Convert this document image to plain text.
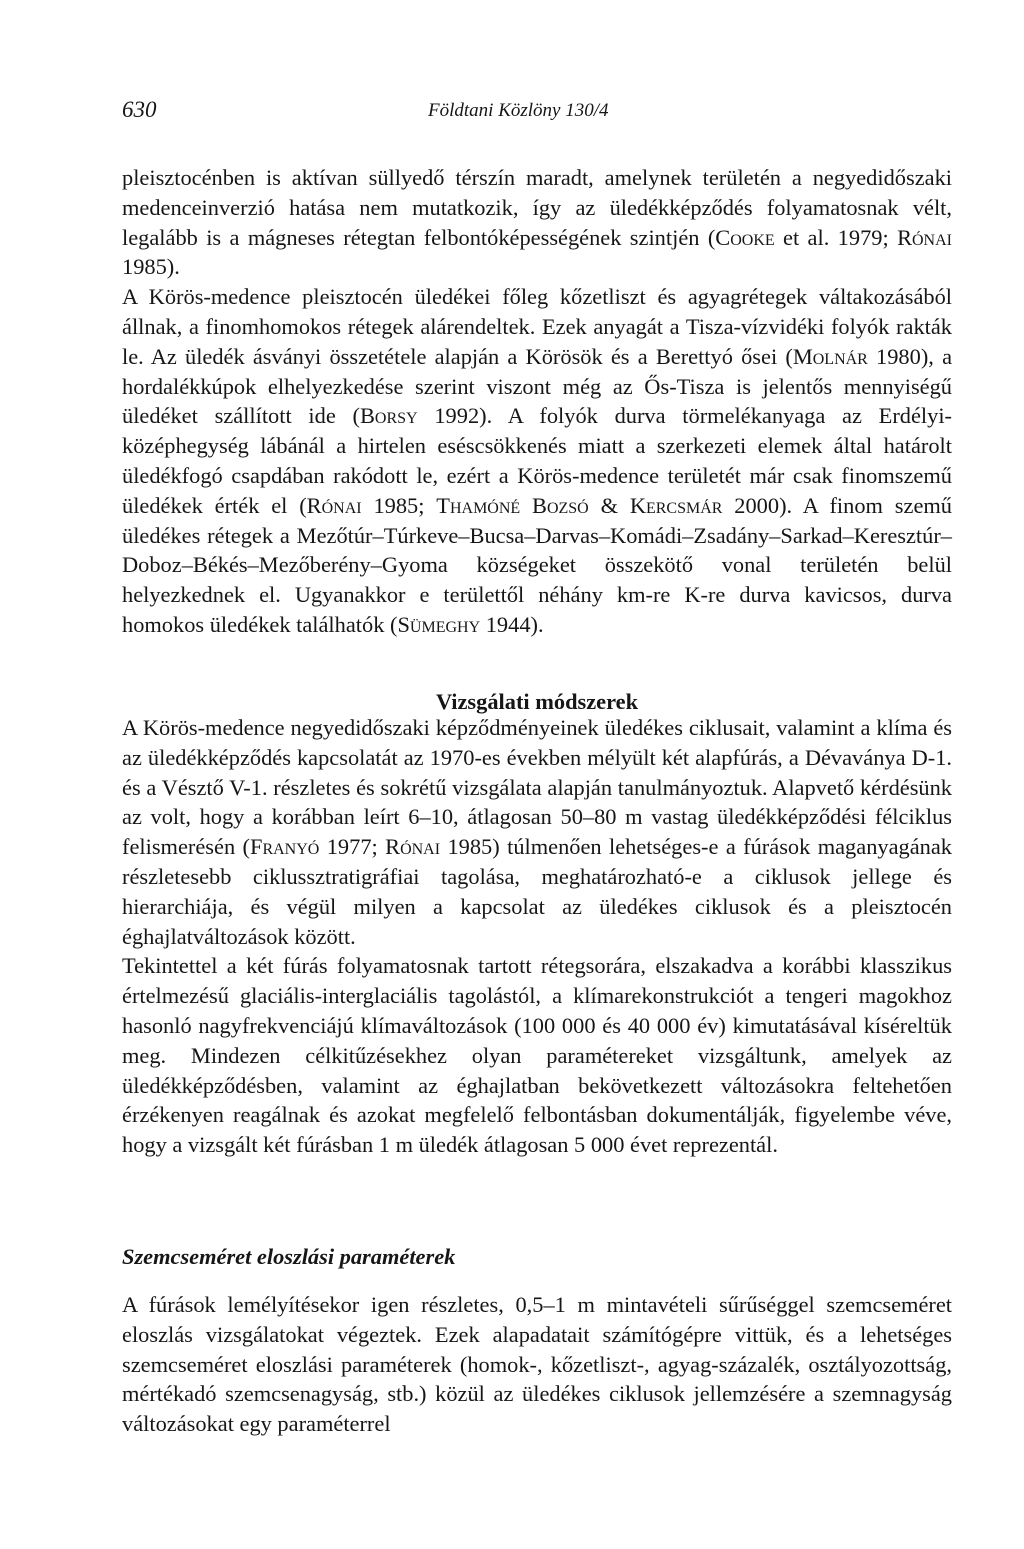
630	Földtani Közlöny 130/4

pleisztocénben is aktívan süllyedő térszín maradt, amelynek területén a negyedidőszaki medenceinverzió hatása nem mutatkozik, így az üledékképződés folyamatosnak vélt, legalább is a mágneses rétegtan felbontóképességének szintjén (Cooke et al. 1979; Rónai 1985).

A Körös-medence pleisztocén üledékei főleg kőzetliszt és agyagrétegek váltakozásából állnak, a finomhomokos rétegek alárendeltek. Ezek anyagát a Tisza-vízvidéki folyók rakták le. Az üledék ásványi összetétele alapján a Körösök és a Berettyó ősei (Molnár 1980), a hordalékkúpok elhelyezkedése szerint viszont még az Ős-Tisza is jelentős mennyiségű üledéket szállított ide (Borsy 1992). A folyók durva törmelékanyaga az Erdélyi-középhegység lábánál a hirtelen eséscsökkenés miatt a szerkezeti elemek által határolt üledékfogó csapdában rakódott le, ezért a Körös-medence területét már csak finomszemű üledékek érték el (Rónai 1985; Thamóné Bozsó & Kercsmár 2000). A finom szemű üledékes rétegek a Mezőtúr–Túrkeve–Bucsa–Darvas–Komádi–Zsadány–Sarkad–Keresztúr–Doboz–Békés–Mezőberény–Gyoma községeket összekötő vonal területén belül helyezkednek el. Ugyanakkor e területtől néhány km-re K-re durva kavicsos, durva homokos üledékek találhatók (Sümeghy 1944).

Vizsgálati módszerek

A Körös-medence negyedidőszaki képződményeinek üledékes ciklusait, valamint a klíma és az üledékképződés kapcsolatát az 1970-es években mélyült két alapfúrás, a Dévaványa D-1. és a Vésztő V-1. részletes és sokrétű vizsgálata alapján tanulmányoztuk. Alapvető kérdésünk az volt, hogy a korábban leírt 6–10, átlagosan 50–80 m vastag üledékképződési félciklus felismerésén (Franyó 1977; Rónai 1985) túlmenően lehetséges-e a fúrások maganyagának részletesebb ciklussztratigráfiai tagolása, meghatározható-e a ciklusok jellege és hierarchiája, és végül milyen a kapcsolat az üledékes ciklusok és a pleisztocén éghajlatváltozások között.

Tekintettel a két fúrás folyamatosnak tartott rétegsorára, elszakadva a korábbi klasszikus értelmezésű glaciális-interglaciális tagolástól, a klímarekonstrukciót a tengeri magokhoz hasonló nagyfrekvenciájú klímaváltozások (100 000 és 40 000 év) kimutatásával kíséreltük meg. Mindezen célkitűzésekhez olyan paramétereket vizsgáltunk, amelyek az üledékképződésben, valamint az éghajlatban bekövetkezett változásokra feltehetően érzékenyen reagálnak és azokat megfelelő felbontásban dokumentálják, figyelembe véve, hogy a vizsgált két fúrásban 1 m üledék átlagosan 5 000 évet reprezentál.

Szemcseméret eloszlási paraméterek

A fúrások lemélyítésekor igen részletes, 0,5–1 m mintavételi sűrűséggel szemcseméret eloszlás vizsgálatokat végeztek. Ezek alapadatait számítógépre vittük, és a lehetséges szemcseméret eloszlási paraméterek (homok-, kőzetliszt-, agyag-százalék, osztályozottság, mértékadó szemcsenagyság, stb.) közül az üledékes ciklusok jellemzésére a szemnagyság változásokat egy paraméterrel
